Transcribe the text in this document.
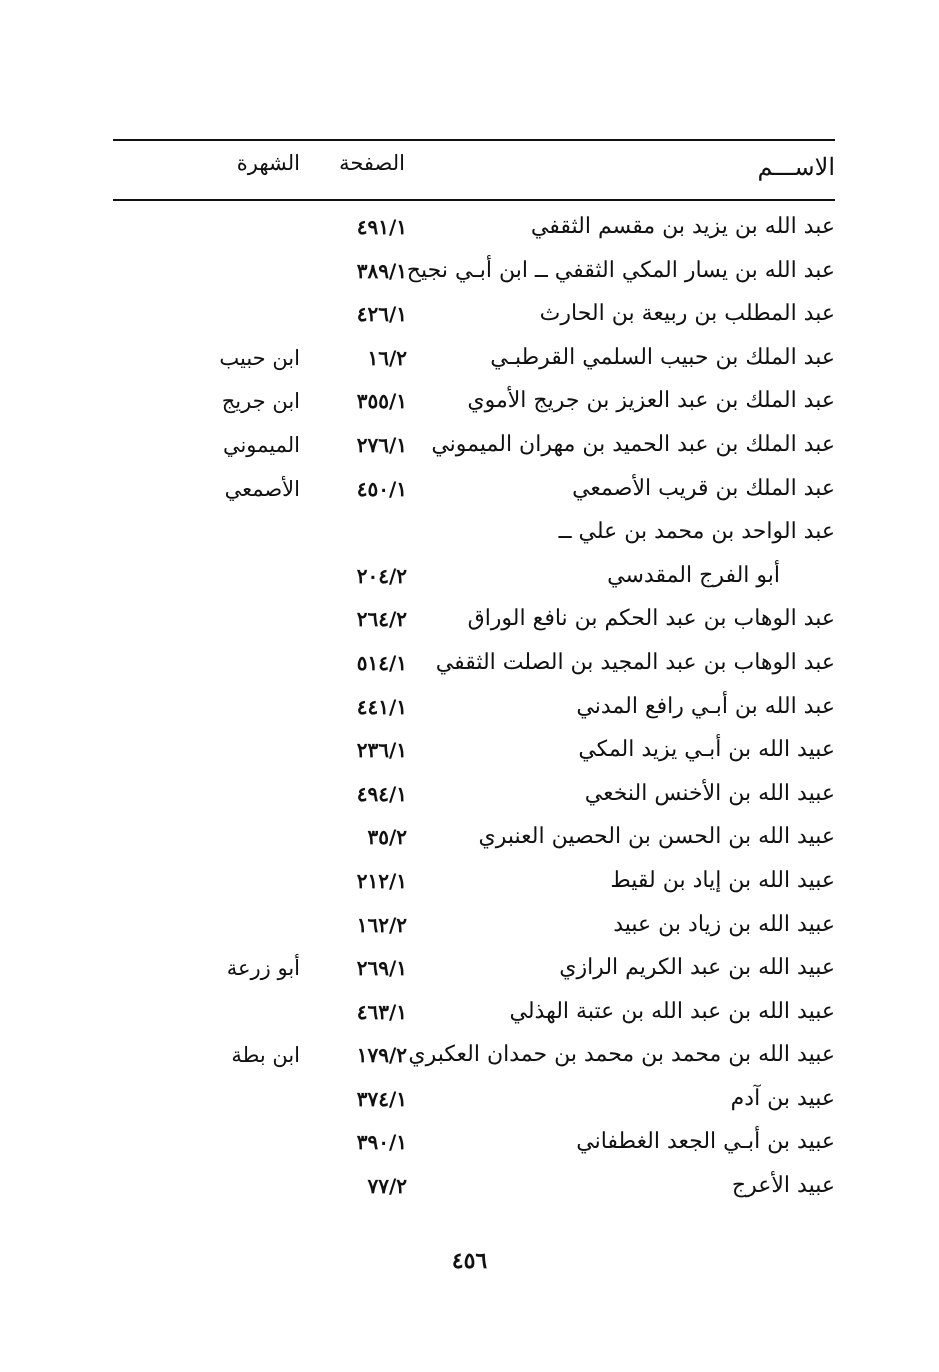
الاســـم
الصفحة
الشهرة
عبد الله بن يزيد بن مقسم الثقفي
٤٩١/١
عبد الله بن يسار المكي الثقفي ــ ابن أبـي نجيح
٣٨٩/١
عبد المطلب بن ربيعة بن الحارث
٤٢٦/١
عبد الملك بن حبيب السلمي القرطبـي
١٦/٢
ابن حبيب
عبد الملك بن عبد العزيز بن جريج الأموي
٣٥٥/١
ابن جريج
عبد الملك بن عبد الحميد بن مهران الميموني
٢٧٦/١
الميموني
عبد الملك بن قريب الأصمعي
٤٥٠/١
الأصمعي
عبد الواحد بن محمد بن علي ــ
أبو الفرج المقدسي
٢٠٤/٢
عبد الوهاب بن عبد الحكم بن نافع الوراق
٢٦٤/٢
عبد الوهاب بن عبد المجيد بن الصلت الثقفي
٥١٤/١
عبد الله بن أبـي رافع المدني
٤٤١/١
عبيد الله بن أبـي يزيد المكي
٢٣٦/١
عبيد الله بن الأخنس النخعي
٤٩٤/١
عبيد الله بن الحسن بن الحصين العنبري
٣٥/٢
عبيد الله بن إياد بن لقيط
٢١٢/١
عبيد الله بن زياد بن عبيد
١٦٢/٢
عبيد الله بن عبد الكريم الرازي
٢٦٩/١
أبو زرعة
عبيد الله بن عبد الله بن عتبة الهذلي
٤٦٣/١
عبيد الله بن محمد بن محمد بن حمدان العكبري
١٧٩/٢
ابن بطة
عبيد بن آدم
٣٧٤/١
عبيد بن أبـي الجعد الغطفاني
٣٩٠/١
عبيد الأعرج
٧٧/٢
٤٥٦
